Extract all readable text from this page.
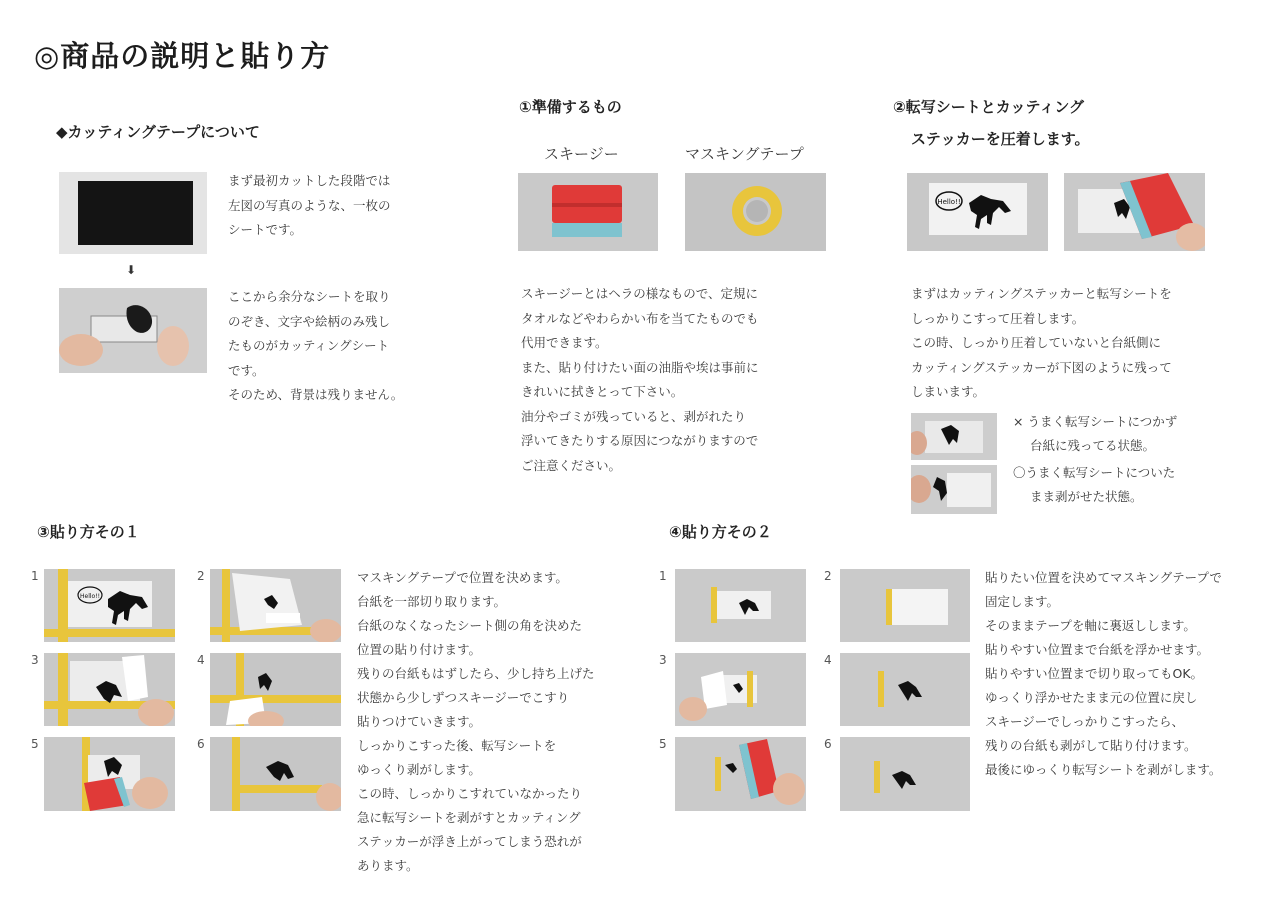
◎商品の説明と貼り方
◆カッティングテープについて
⬇
まず最初カットした段階では
左図の写真のような、一枚の
シートです。
ここから余分なシートを取り
のぞき、文字や絵柄のみ残し
たものがカッティングシート
です。
そのため、背景は残りません。
①準備するもの
スキージー	マスキングテープ
スキージーとはヘラの様なもので、定規に
タオルなどやわらかい布を当てたものでも
代用できます。
また、貼り付けたい面の油脂や埃は事前に
きれいに拭きとって下さい。
油分やゴミが残っていると、剥がれたり
浮いてきたりする原因につながりますので
ご注意ください。
②転写シートとカッティング
ステッカーを圧着します。
Hello!!
まずはカッティングステッカーと転写シートを
しっかりこすって圧着します。
この時、しっかり圧着していないと台紙側に
カッティングステッカーが下図のように残って
しまいます。
× うまく転写シートにつかず
台紙に残ってる状態。
〇うまく転写シートについた
まま剥がせた状態。
③貼り方その１
1	2
3	4
5	6
Hello!!
マスキングテープで位置を決めます。
台紙を一部切り取ります。
台紙のなくなったシート側の角を決めた
位置の貼り付けます。
残りの台紙もはずしたら、少し持ち上げた
状態から少しずつスキージーでこすり
貼りつけていきます。
しっかりこすった後、転写シートを
ゆっくり剥がします。
この時、しっかりこすれていなかったり
急に転写シートを剥がすとカッティング
ステッカーが浮き上がってしまう恐れが
あります。
④貼り方その２
1	2
3	4
5	6
貼りたい位置を決めてマスキングテープで
固定します。
そのままテープを軸に裏返しします。
貼りやすい位置まで台紙を浮かせます。
貼りやすい位置まで切り取ってもOK。
ゆっくり浮かせたまま元の位置に戻し
スキージーでしっかりこすったら、
残りの台紙も剥がして貼り付けます。
最後にゆっくり転写シートを剥がします。
